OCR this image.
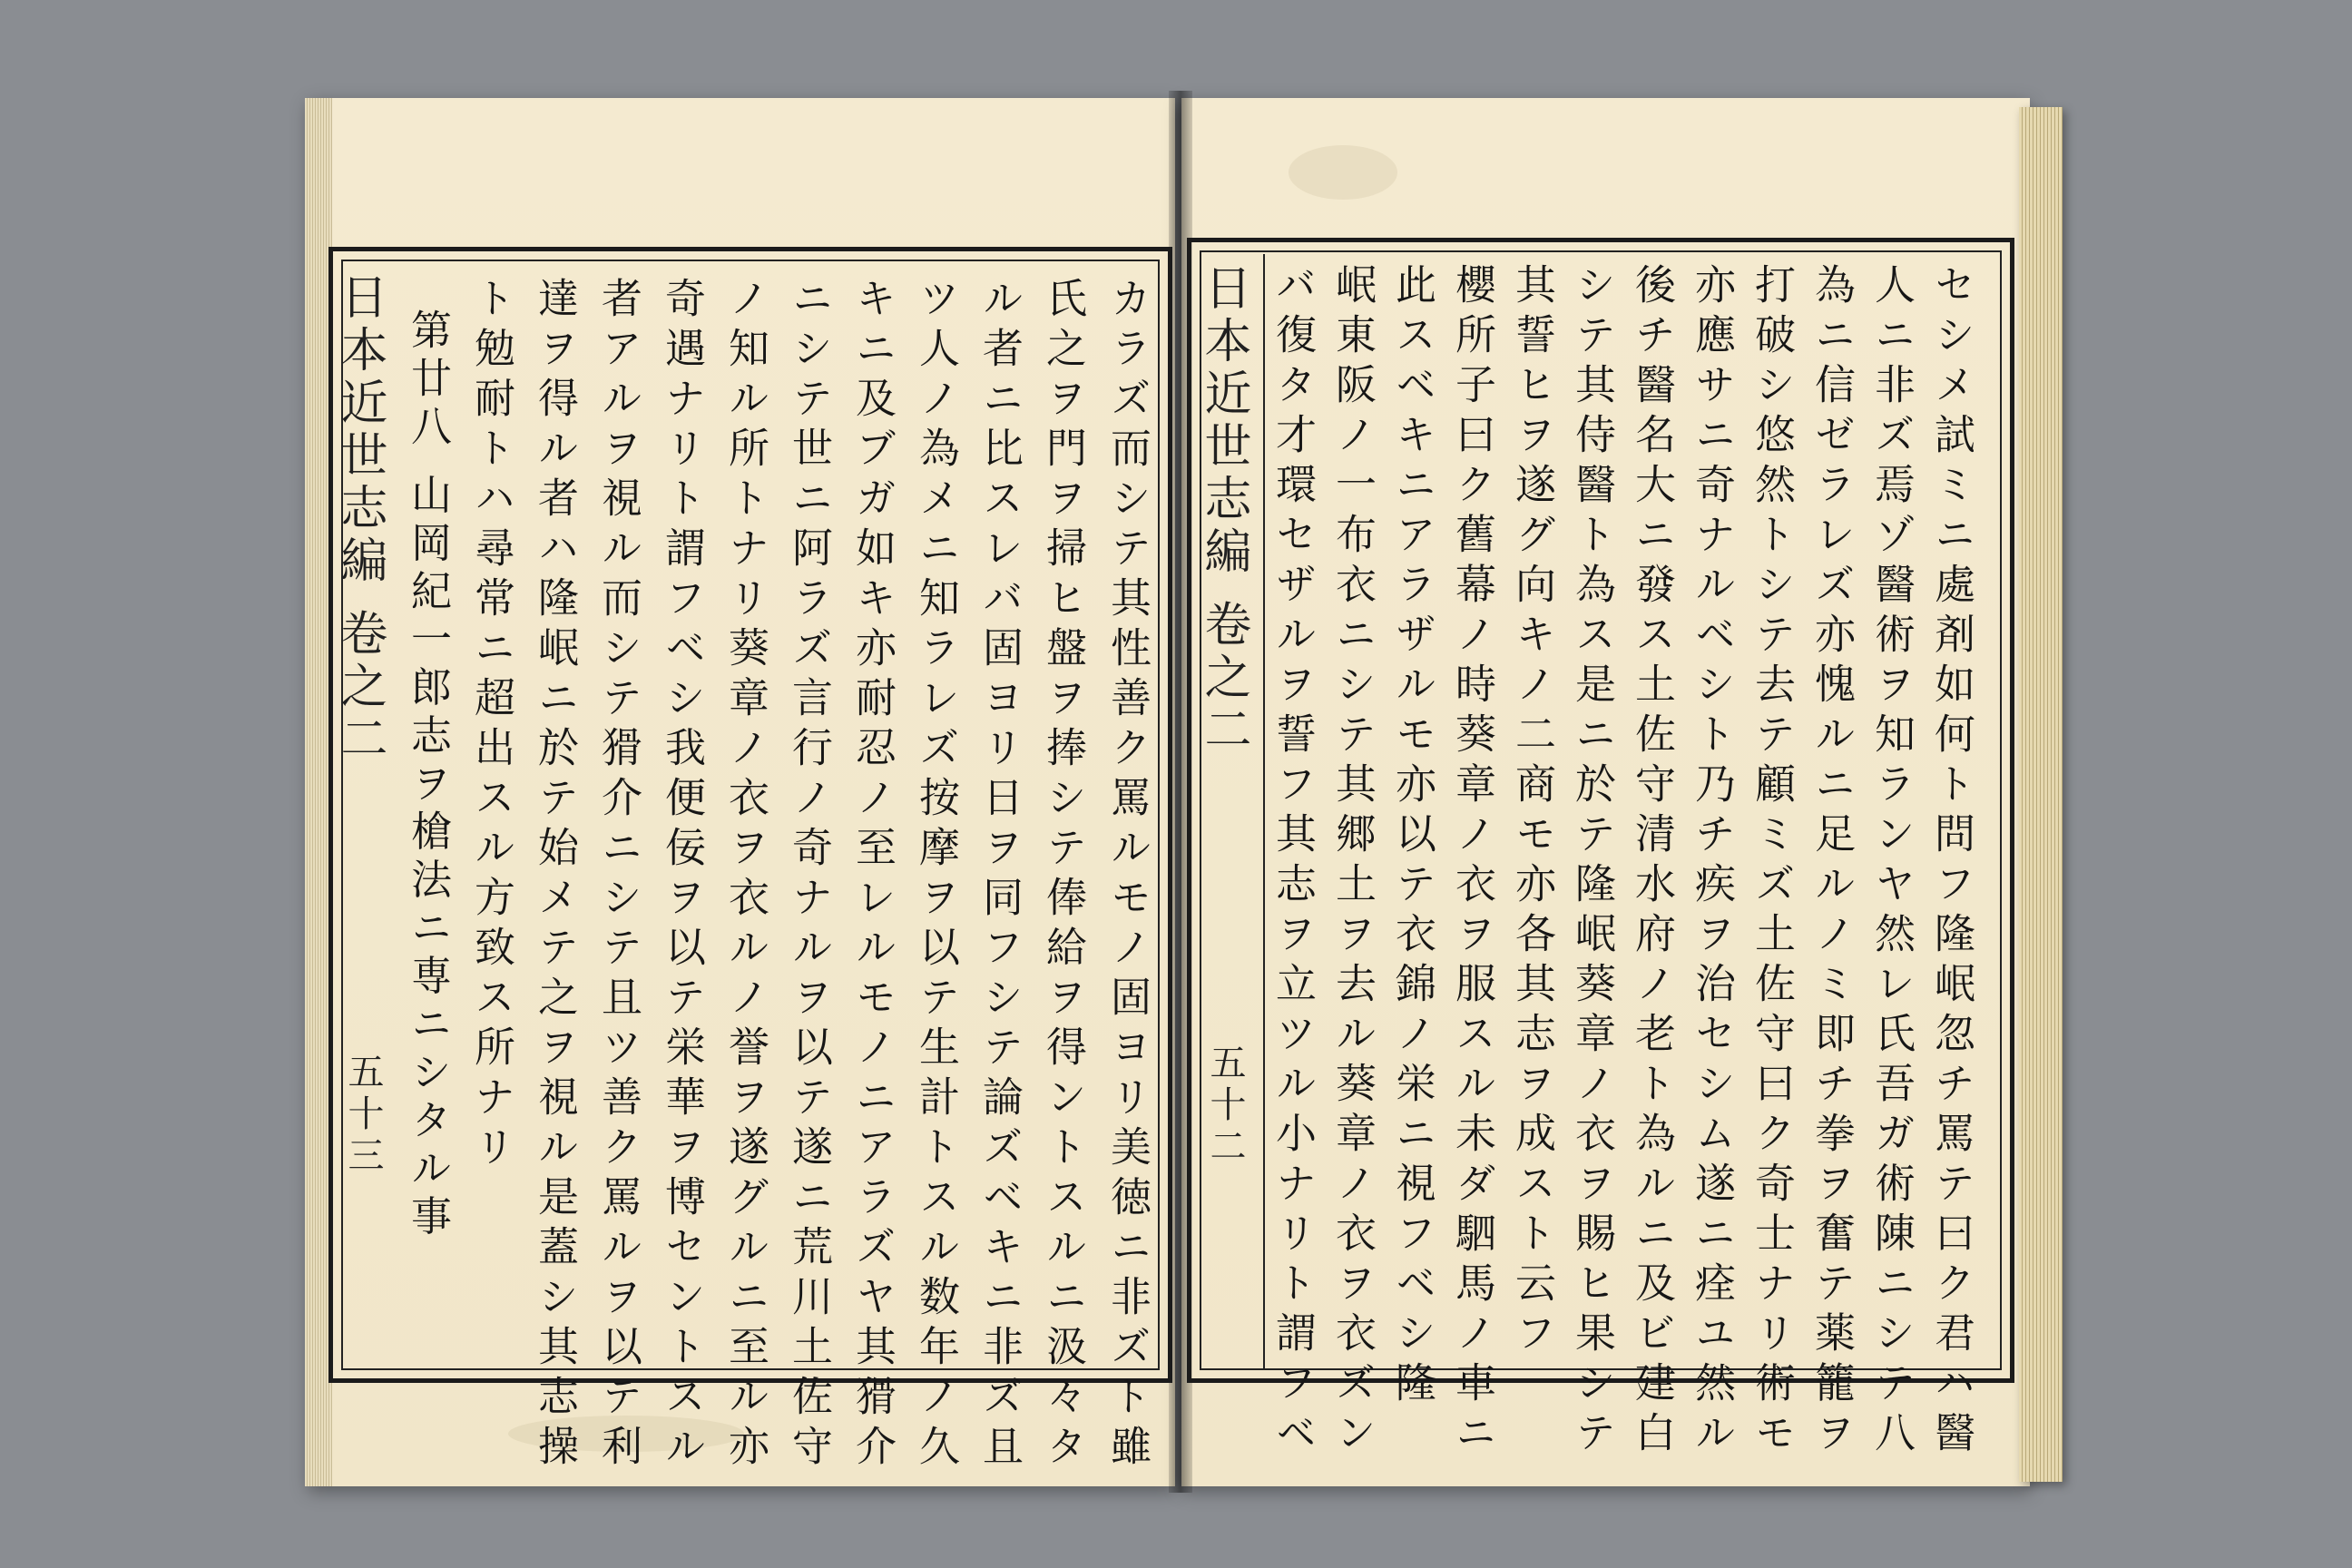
日本近世志編 卷之二
五十三	カラズ而シテ其性善ク罵ルモノ固ヨリ美徳ニ非ズト雖
氏之ヲ門ヲ掃ヒ盤ヲ捧シテ俸給ヲ得ントスルニ汲々タ
ル者ニ比スレバ固ヨリ日ヲ同フシテ論ズベキニ非ズ且
ツ人ノ為メニ知ラレズ按摩ヲ以テ生計トスル数年ノ久
キニ及ブガ如キ亦耐忍ノ至レルモノニアラズヤ其猾介
ニシテ世ニ阿ラズ言行ノ奇ナルヲ以テ遂ニ荒川土佐守
ノ知ル所トナリ葵章ノ衣ヲ衣ルノ誉ヲ遂グルニ至ル亦
奇遇ナリト謂フベシ我便佞ヲ以テ栄華ヲ博セントスル
者アルヲ視ル而シテ猾介ニシテ且ツ善ク罵ルヲ以テ利
達ヲ得ル者ハ隆岷ニ於テ始メテ之ヲ視ル是蓋シ其志操
ト勉耐トハ尋常ニ超出スル方致ス所ナリ
第廿八 山岡紀一郎志ヲ槍法ニ専ニシタル事	日本近世志編 卷之二
五十二	セシメ試ミニ處剤如何ト問フ隆岷忽チ罵テ曰ク君ハ醫
人ニ非ズ焉ゾ醫術ヲ知ランヤ然レ氏吾ガ術陳ニシテ八
為ニ信ゼラレズ亦愧ルニ足ルノミ即チ拳ヲ奮テ薬籠ヲ
打破シ悠然トシテ去テ顧ミズ土佐守曰ク奇士ナリ術モ
亦應サニ奇ナルベシト乃チ疾ヲ治セシム遂ニ痊ユ然ル
後チ醫名大ニ發ス土佐守清水府ノ老ト為ルニ及ビ建白
シテ其侍醫ト為ス是ニ於テ隆岷葵章ノ衣ヲ賜ヒ果シテ
其誓ヒヲ遂グ向キノ二商モ亦各其志ヲ成スト云フ
櫻所子曰ク舊幕ノ時葵章ノ衣ヲ服スル未ダ駟馬ノ車ニ
此スベキニアラザルモ亦以テ衣錦ノ栄ニ視フベシ隆
岷東阪ノ一布衣ニシテ其郷土ヲ去ル葵章ノ衣ヲ衣ズン
バ復タ才環セザルヲ誓フ其志ヲ立ツル小ナリト謂フベ
